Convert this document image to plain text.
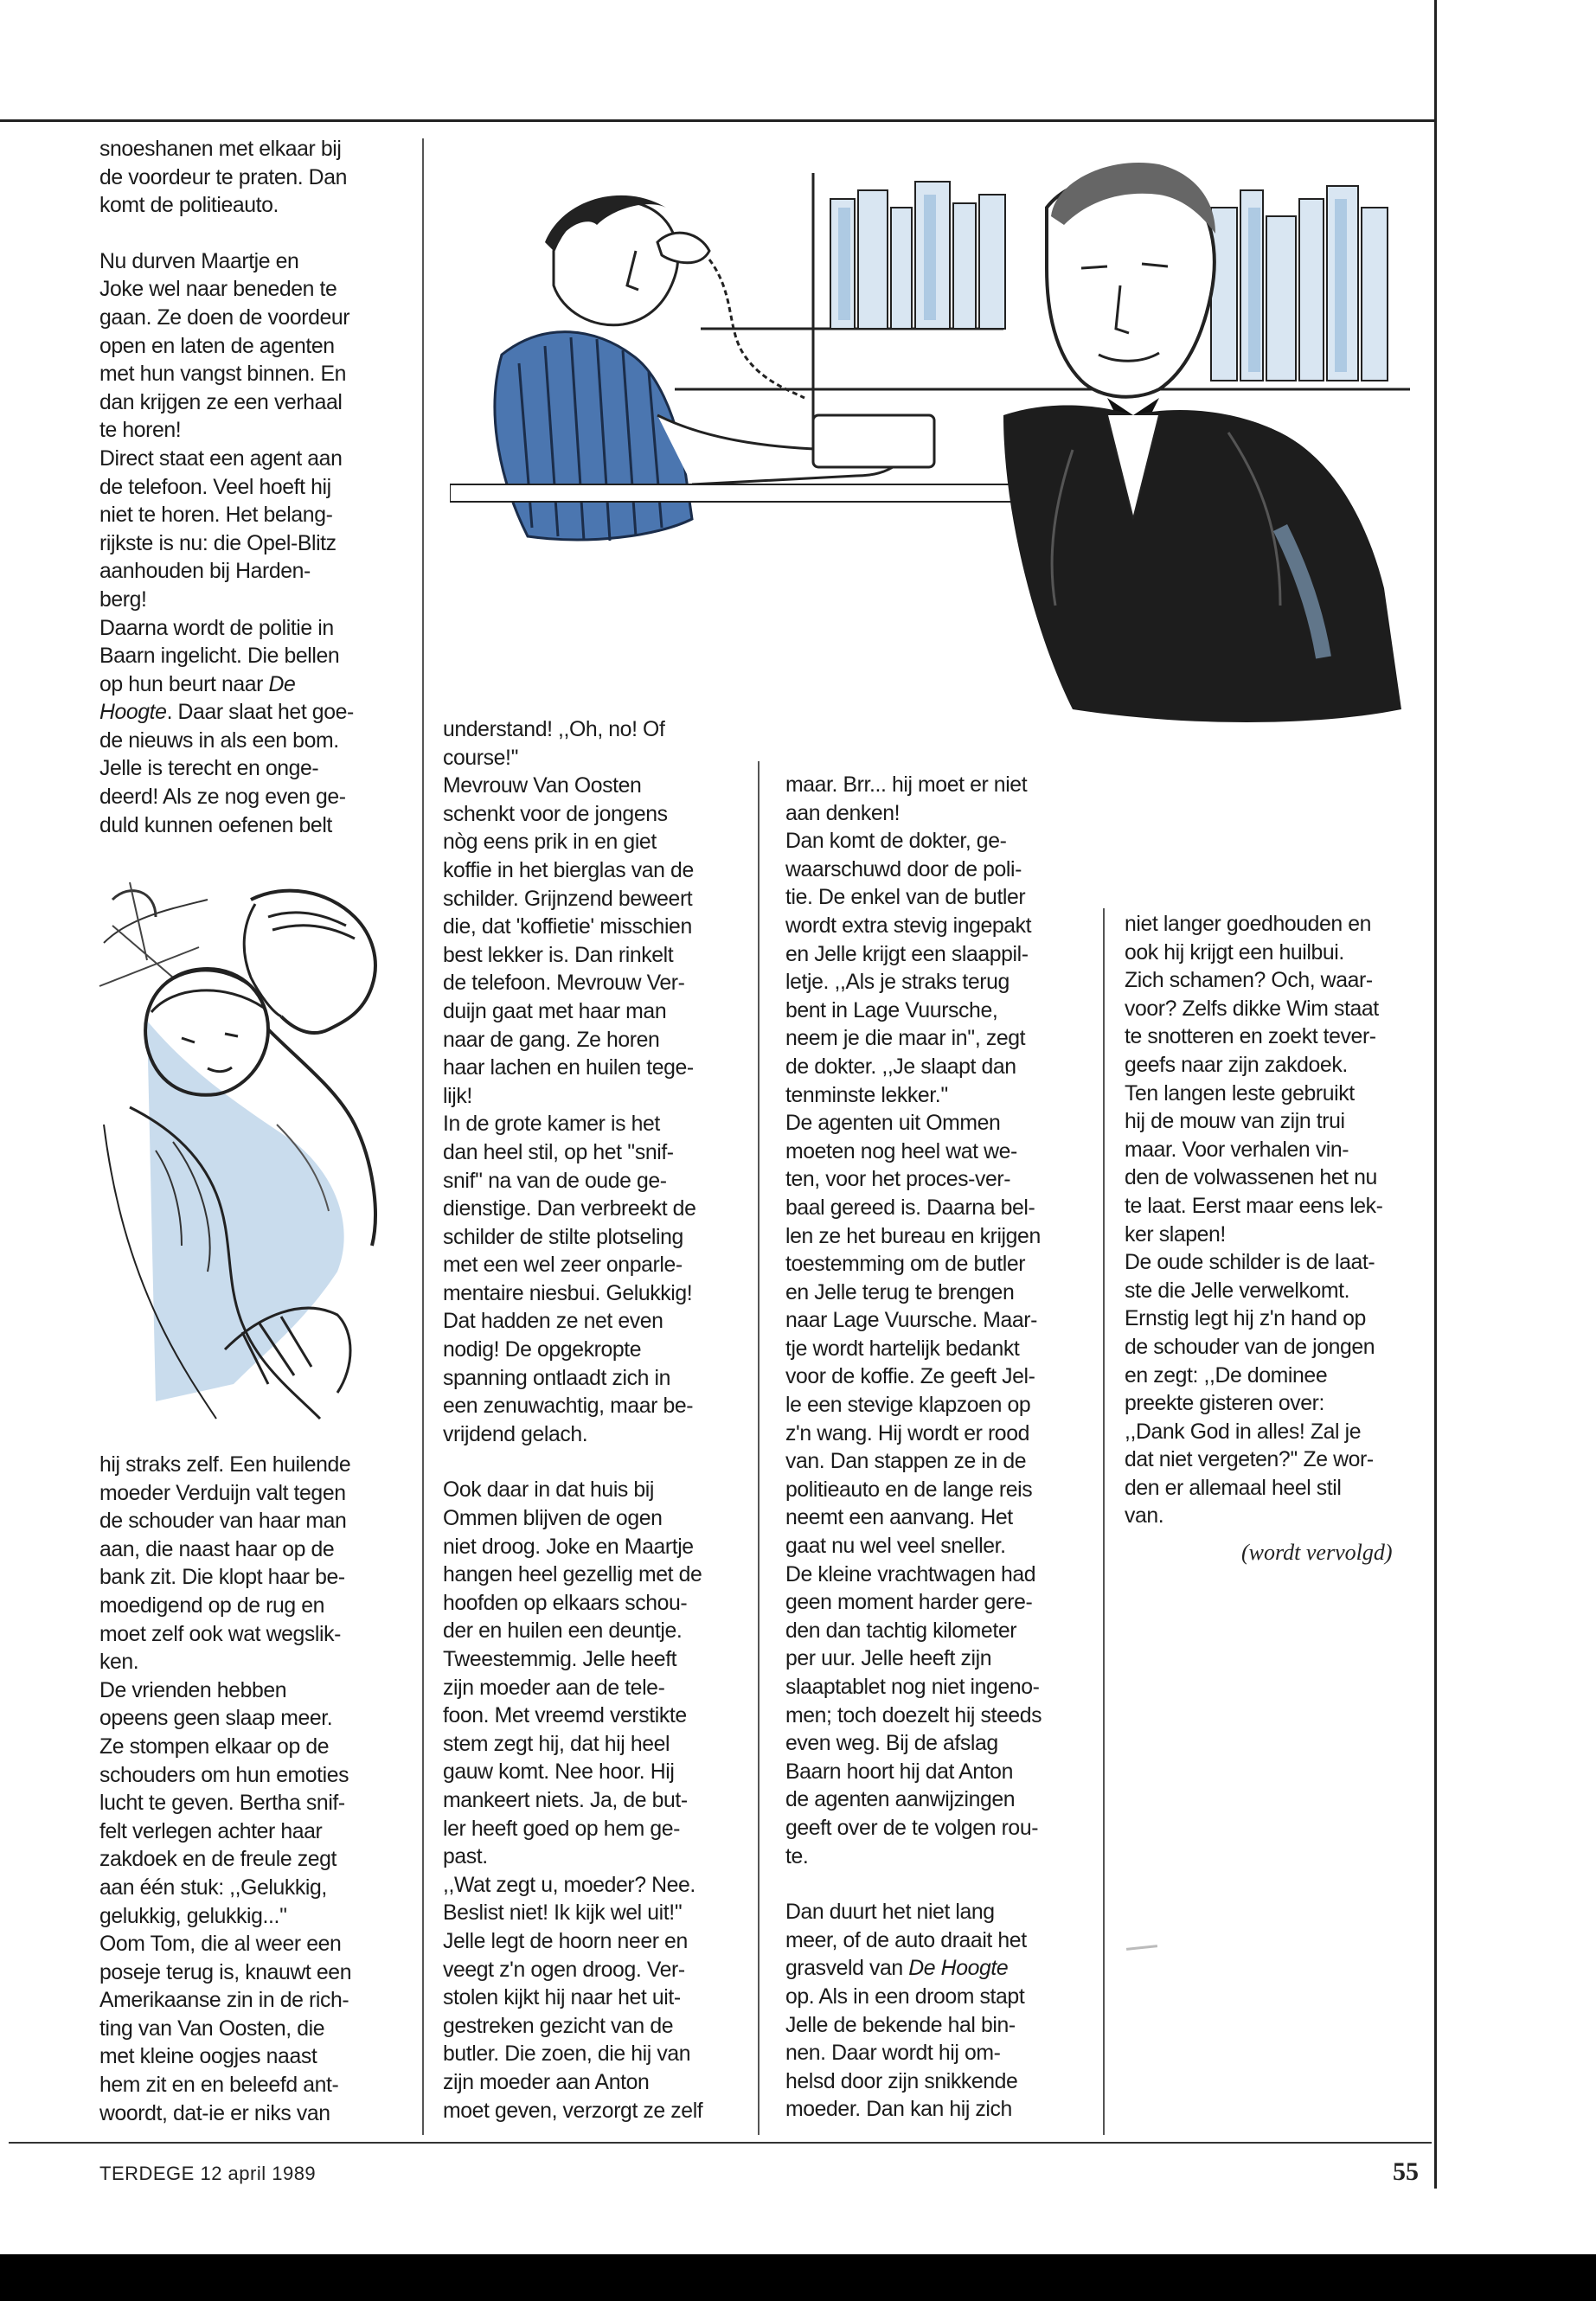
snoeshanen met elkaar bij
de voordeur te praten. Dan
komt de politieauto.

Nu durven Maartje en
Joke wel naar beneden te
gaan. Ze doen de voordeur
open en laten de agenten
met hun vangst binnen. En
dan krijgen ze een verhaal
te horen!
Direct staat een agent aan
de telefoon. Veel hoeft hij
niet te horen. Het belang-
rijkste is nu: die Opel-Blitz
aanhouden bij Harden-
berg!
Daarna wordt de politie in
Baarn ingelicht. Die bellen
op hun beurt naar De
Hoogte. Daar slaat het goe-
de nieuws in als een bom.
Jelle is terecht en onge-
deerd! Als ze nog even ge-
duld kunnen oefenen belt

hij straks zelf. Een huilende
moeder Verduijn valt tegen
de schouder van haar man
aan, die naast haar op de
bank zit. Die klopt haar be-
moedigend op de rug en
moet zelf ook wat wegslik-
ken.
De vrienden hebben
opeens geen slaap meer.
Ze stompen elkaar op de
schouders om hun emoties
lucht te geven. Bertha snif-
felt verlegen achter haar
zakdoek en de freule zegt
aan één stuk: ,,Gelukkig,
gelukkig, gelukkig...''
Oom Tom, die al weer een
poseje terug is, knauwt een
Amerikaanse zin in de rich-
ting van Van Oosten, die
met kleine oogjes naast
hem zit en en beleefd ant-
woordt, dat-ie er niks van

understand! ,,Oh, no! Of
course!''
Mevrouw Van Oosten
schenkt voor de jongens
nòg eens prik in en giet
koffie in het bierglas van de
schilder. Grijnzend beweert
die, dat 'koffietie' misschien
best lekker is. Dan rinkelt
de telefoon. Mevrouw Ver-
duijn gaat met haar man
naar de gang. Ze horen
haar lachen en huilen tege-
lijk!
In de grote kamer is het
dan heel stil, op het ''snif-
snif'' na van de oude ge-
dienstige. Dan verbreekt de
schilder de stilte plotseling
met een wel zeer onparle-
mentaire niesbui. Gelukkig!
Dat hadden ze net even
nodig! De opgekropte
spanning ontlaadt zich in
een zenuwachtig, maar be-
vrijdend gelach.

Ook daar in dat huis bij
Ommen blijven de ogen
niet droog. Joke en Maartje
hangen heel gezellig met de
hoofden op elkaars schou-
der en huilen een deuntje.
Tweestemmig. Jelle heeft
zijn moeder aan de tele-
foon. Met vreemd verstikte
stem zegt hij, dat hij heel
gauw komt. Nee hoor. Hij
mankeert niets. Ja, de but-
ler heeft goed op hem ge-
past.
,,Wat zegt u, moeder? Nee.
Beslist niet! Ik kijk wel uit!''
Jelle legt de hoorn neer en
veegt z'n ogen droog. Ver-
stolen kijkt hij naar het uit-
gestreken gezicht van de
butler. Die zoen, die hij van
zijn moeder aan Anton
moet geven, verzorgt ze zelf

maar. Brr... hij moet er niet
aan denken!
Dan komt de dokter, ge-
waarschuwd door de poli-
tie. De enkel van de butler
wordt extra stevig ingepakt
en Jelle krijgt een slaappil-
letje. ,,Als je straks terug
bent in Lage Vuursche,
neem je die maar in'', zegt
de dokter. ,,Je slaapt dan
tenminste lekker.''
De agenten uit Ommen
moeten nog heel wat we-
ten, voor het proces-ver-
baal gereed is. Daarna bel-
len ze het bureau en krijgen
toestemming om de butler
en Jelle terug te brengen
naar Lage Vuursche. Maar-
tje wordt hartelijk bedankt
voor de koffie. Ze geeft Jel-
le een stevige klapzoen op
z'n wang. Hij wordt er rood
van. Dan stappen ze in de
politieauto en de lange reis
neemt een aanvang. Het
gaat nu wel veel sneller.
De kleine vrachtwagen had
geen moment harder gere-
den dan tachtig kilometer
per uur. Jelle heeft zijn
slaaptablet nog niet ingeno-
men; toch doezelt hij steeds
even weg. Bij de afslag
Baarn hoort hij dat Anton
de agenten aanwijzingen
geeft over de te volgen rou-
te.

Dan duurt het niet lang
meer, of de auto draait het
grasveld van De Hoogte
op. Als in een droom stapt
Jelle de bekende hal bin-
nen. Daar wordt hij om-
helsd door zijn snikkende
moeder. Dan kan hij zich

niet langer goedhouden en
ook hij krijgt een huilbui.
Zich schamen? Och, waar-
voor? Zelfs dikke Wim staat
te snotteren en zoekt tever-
geefs naar zijn zakdoek.
Ten langen leste gebruikt
hij de mouw van zijn trui
maar. Voor verhalen vin-
den de volwassenen het nu
te laat. Eerst maar eens lek-
ker slapen!
De oude schilder is de laat-
ste die Jelle verwelkomt.
Ernstig legt hij z'n hand op
de schouder van de jongen
en zegt: ,,De dominee
preekte gisteren over:
,,Dank God in alles! Zal je
dat niet vergeten?'' Ze wor-
den er allemaal heel stil
van.

(wordt vervolgd)
TERDEGE 12 april 1989	55
